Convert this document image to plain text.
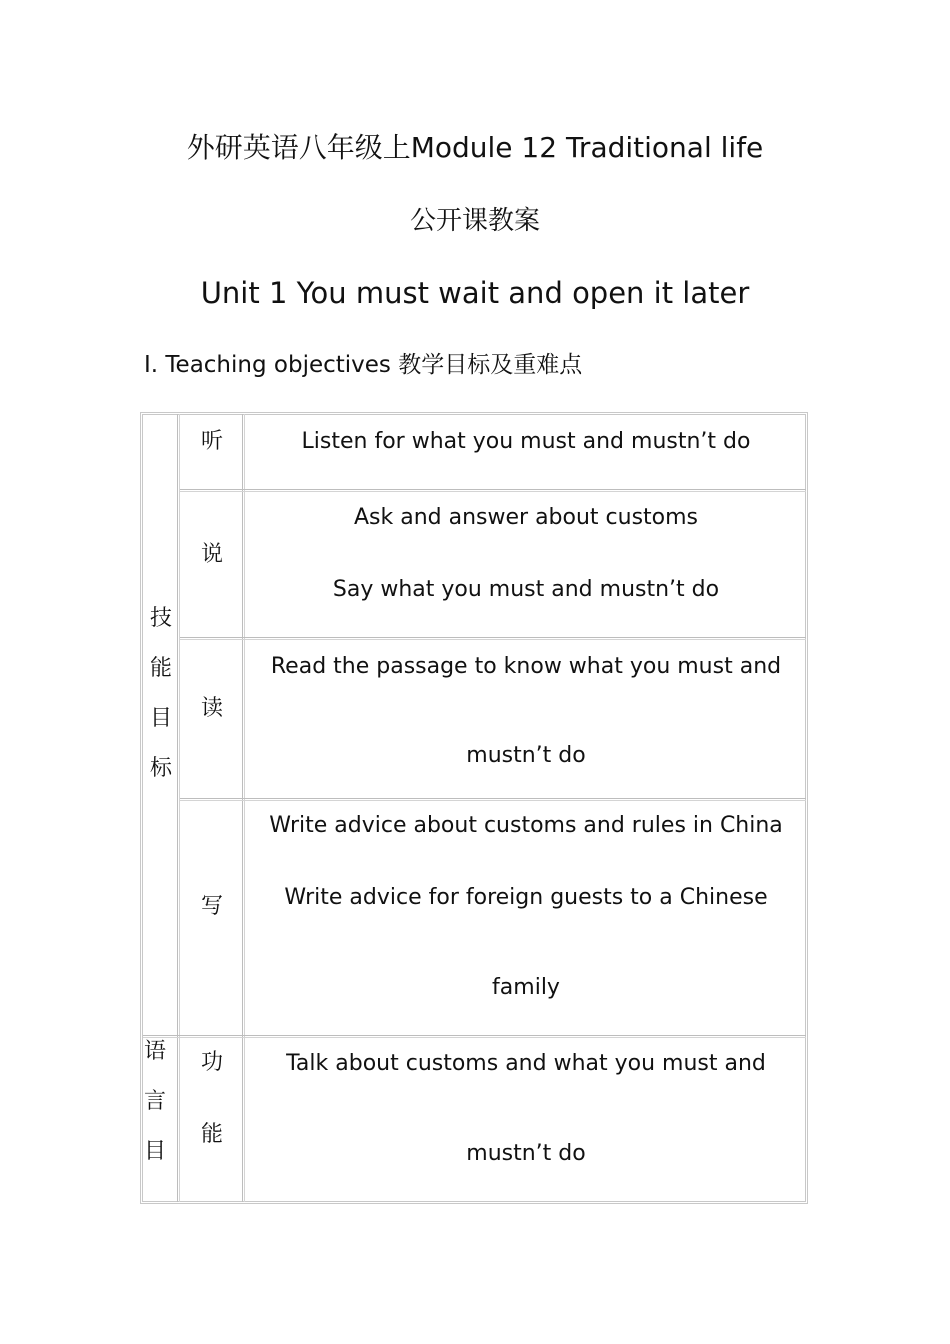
外研英语八年级上Module 12 Traditional life
公开课教案
Unit 1 You must wait and open it later
I. Teaching objectives 教学目标及重难点
技能目标
语言目
听
说
读
写
功能
Listen for what you must and mustn’t do
Ask and answer about customs
Say what you must and mustn’t do
Read the passage to know what you must and
mustn’t do
Write advice about customs and rules in China
Write advice for foreign guests to a Chinese
family
Talk about customs and what you must and
mustn’t do
